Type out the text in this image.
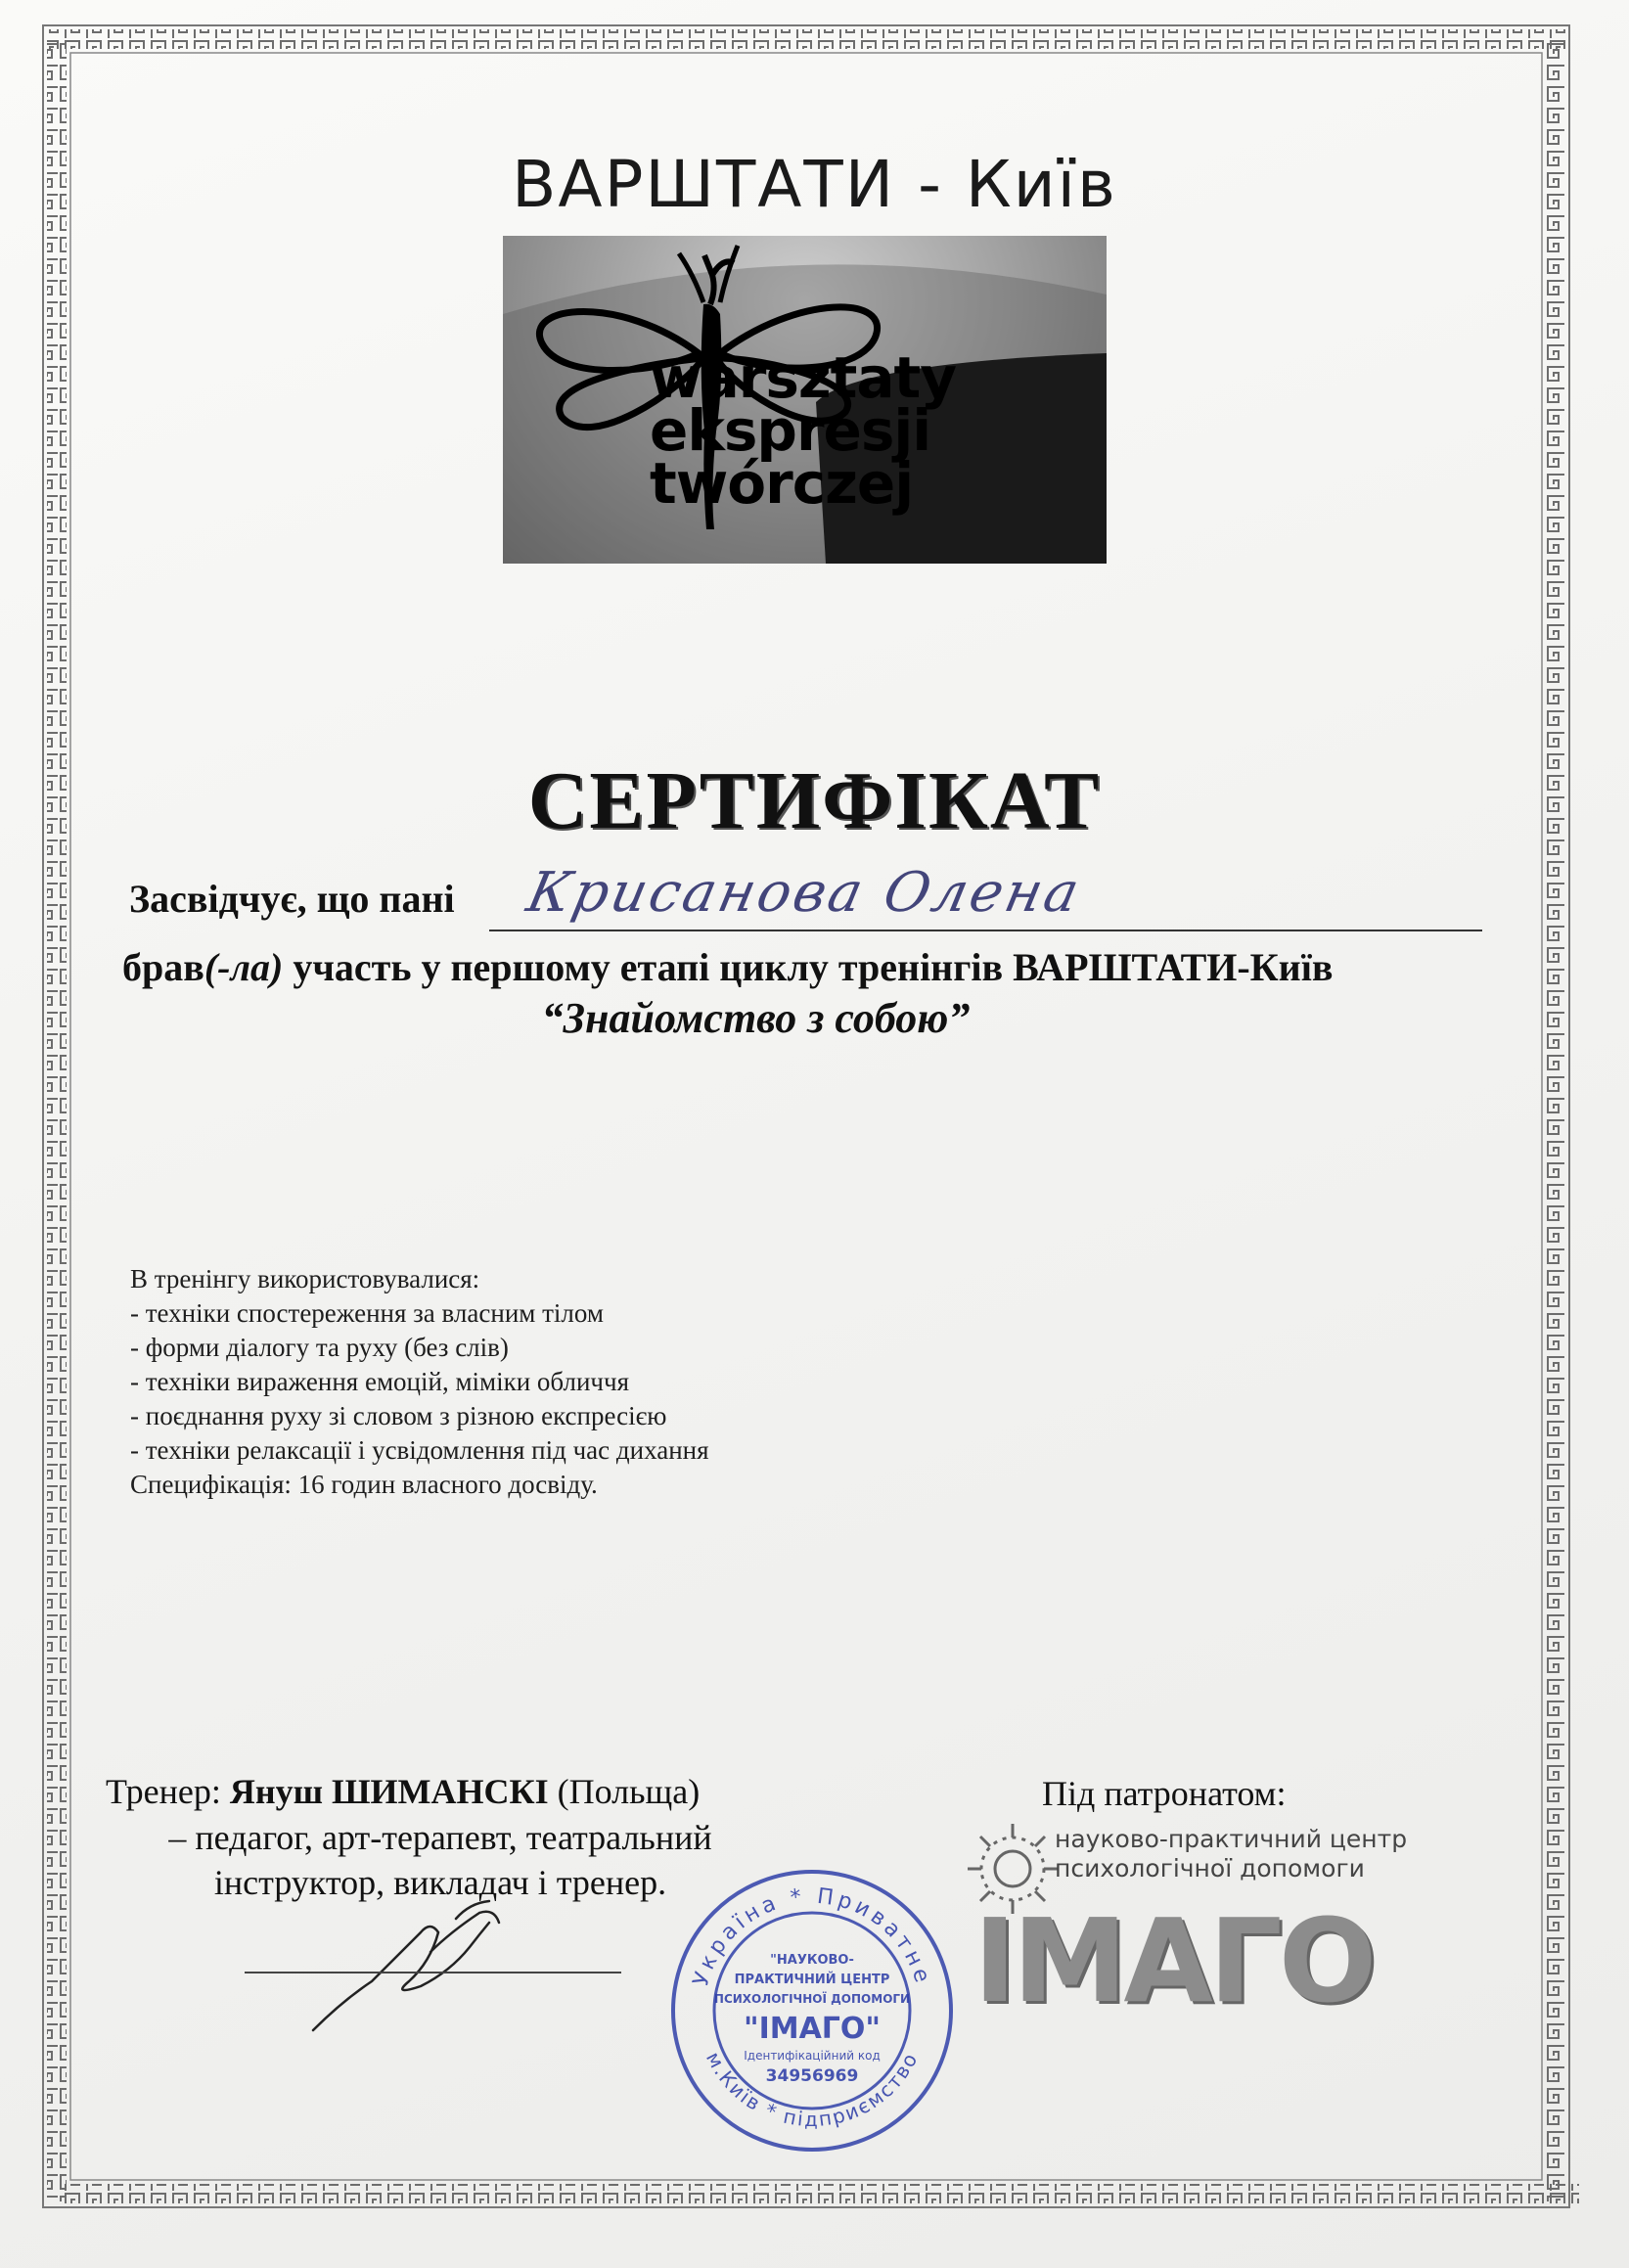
ВАРШТАТИ - Київ
warsztaty
ekspresji
twórczej
СЕРТИФІКАТ
Засвідчує, що пані Крисанова Олена
брав(-ла) участь у першому етапі циклу тренінгів ВАРШТАТИ-Київ
“Знайомство з собою”
В тренінгу використовувалися:
- техніки спостереження за власним тілом
- форми діалогу та руху (без слів)
- техніки вираження емоцій, міміки обличчя
- поєднання руху зі словом з різною експресією
- техніки релаксації і усвідомлення під час дихання
Специфікація: 16 годин власного досвіду.
Тренер: Януш ШИМАНСКІ (Польща)
– педагог, арт-терапевт, театральний
інструктор, викладач і тренер.
Україна * Приватне
м.Київ * підприємство
"НАУКОВО-
ПРАКТИЧНИЙ ЦЕНТР
ПСИХОЛОГІЧНОЇ ДОПОМОГИ
"ІМАГО"
Ідентифікаційний код
34956969
Під патронатом:
науково-практичний центр
психологічної допомоги
ІМАГО
